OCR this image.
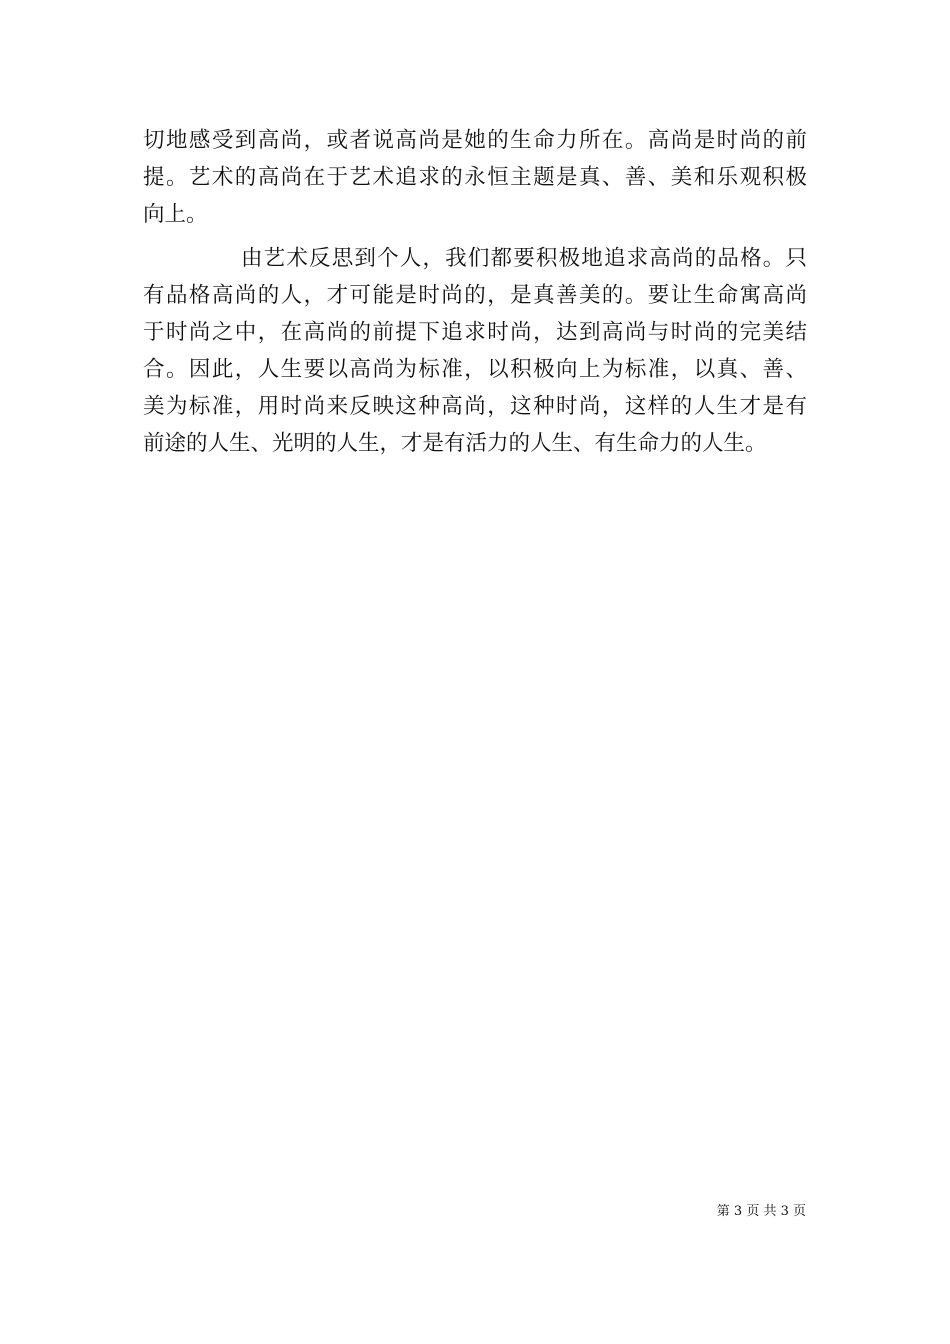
切地感受到高尚，或者说高尚是她的生命力所在。高尚是时尚的前
提。艺术的高尚在于艺术追求的永恒主题是真、善、美和乐观积极
向上。
由艺术反思到个人，我们都要积极地追求高尚的品格。只
有品格高尚的人，才可能是时尚的，是真善美的。要让生命寓高尚
于时尚之中，在高尚的前提下追求时尚，达到高尚与时尚的完美结
合。因此，人生要以高尚为标准，以积极向上为标准，以真、善、
美为标准，用时尚来反映这种高尚，这种时尚，这样的人生才是有
前途的人生、光明的人生，才是有活力的人生、有生命力的人生。
第 3 页 共 3 页
